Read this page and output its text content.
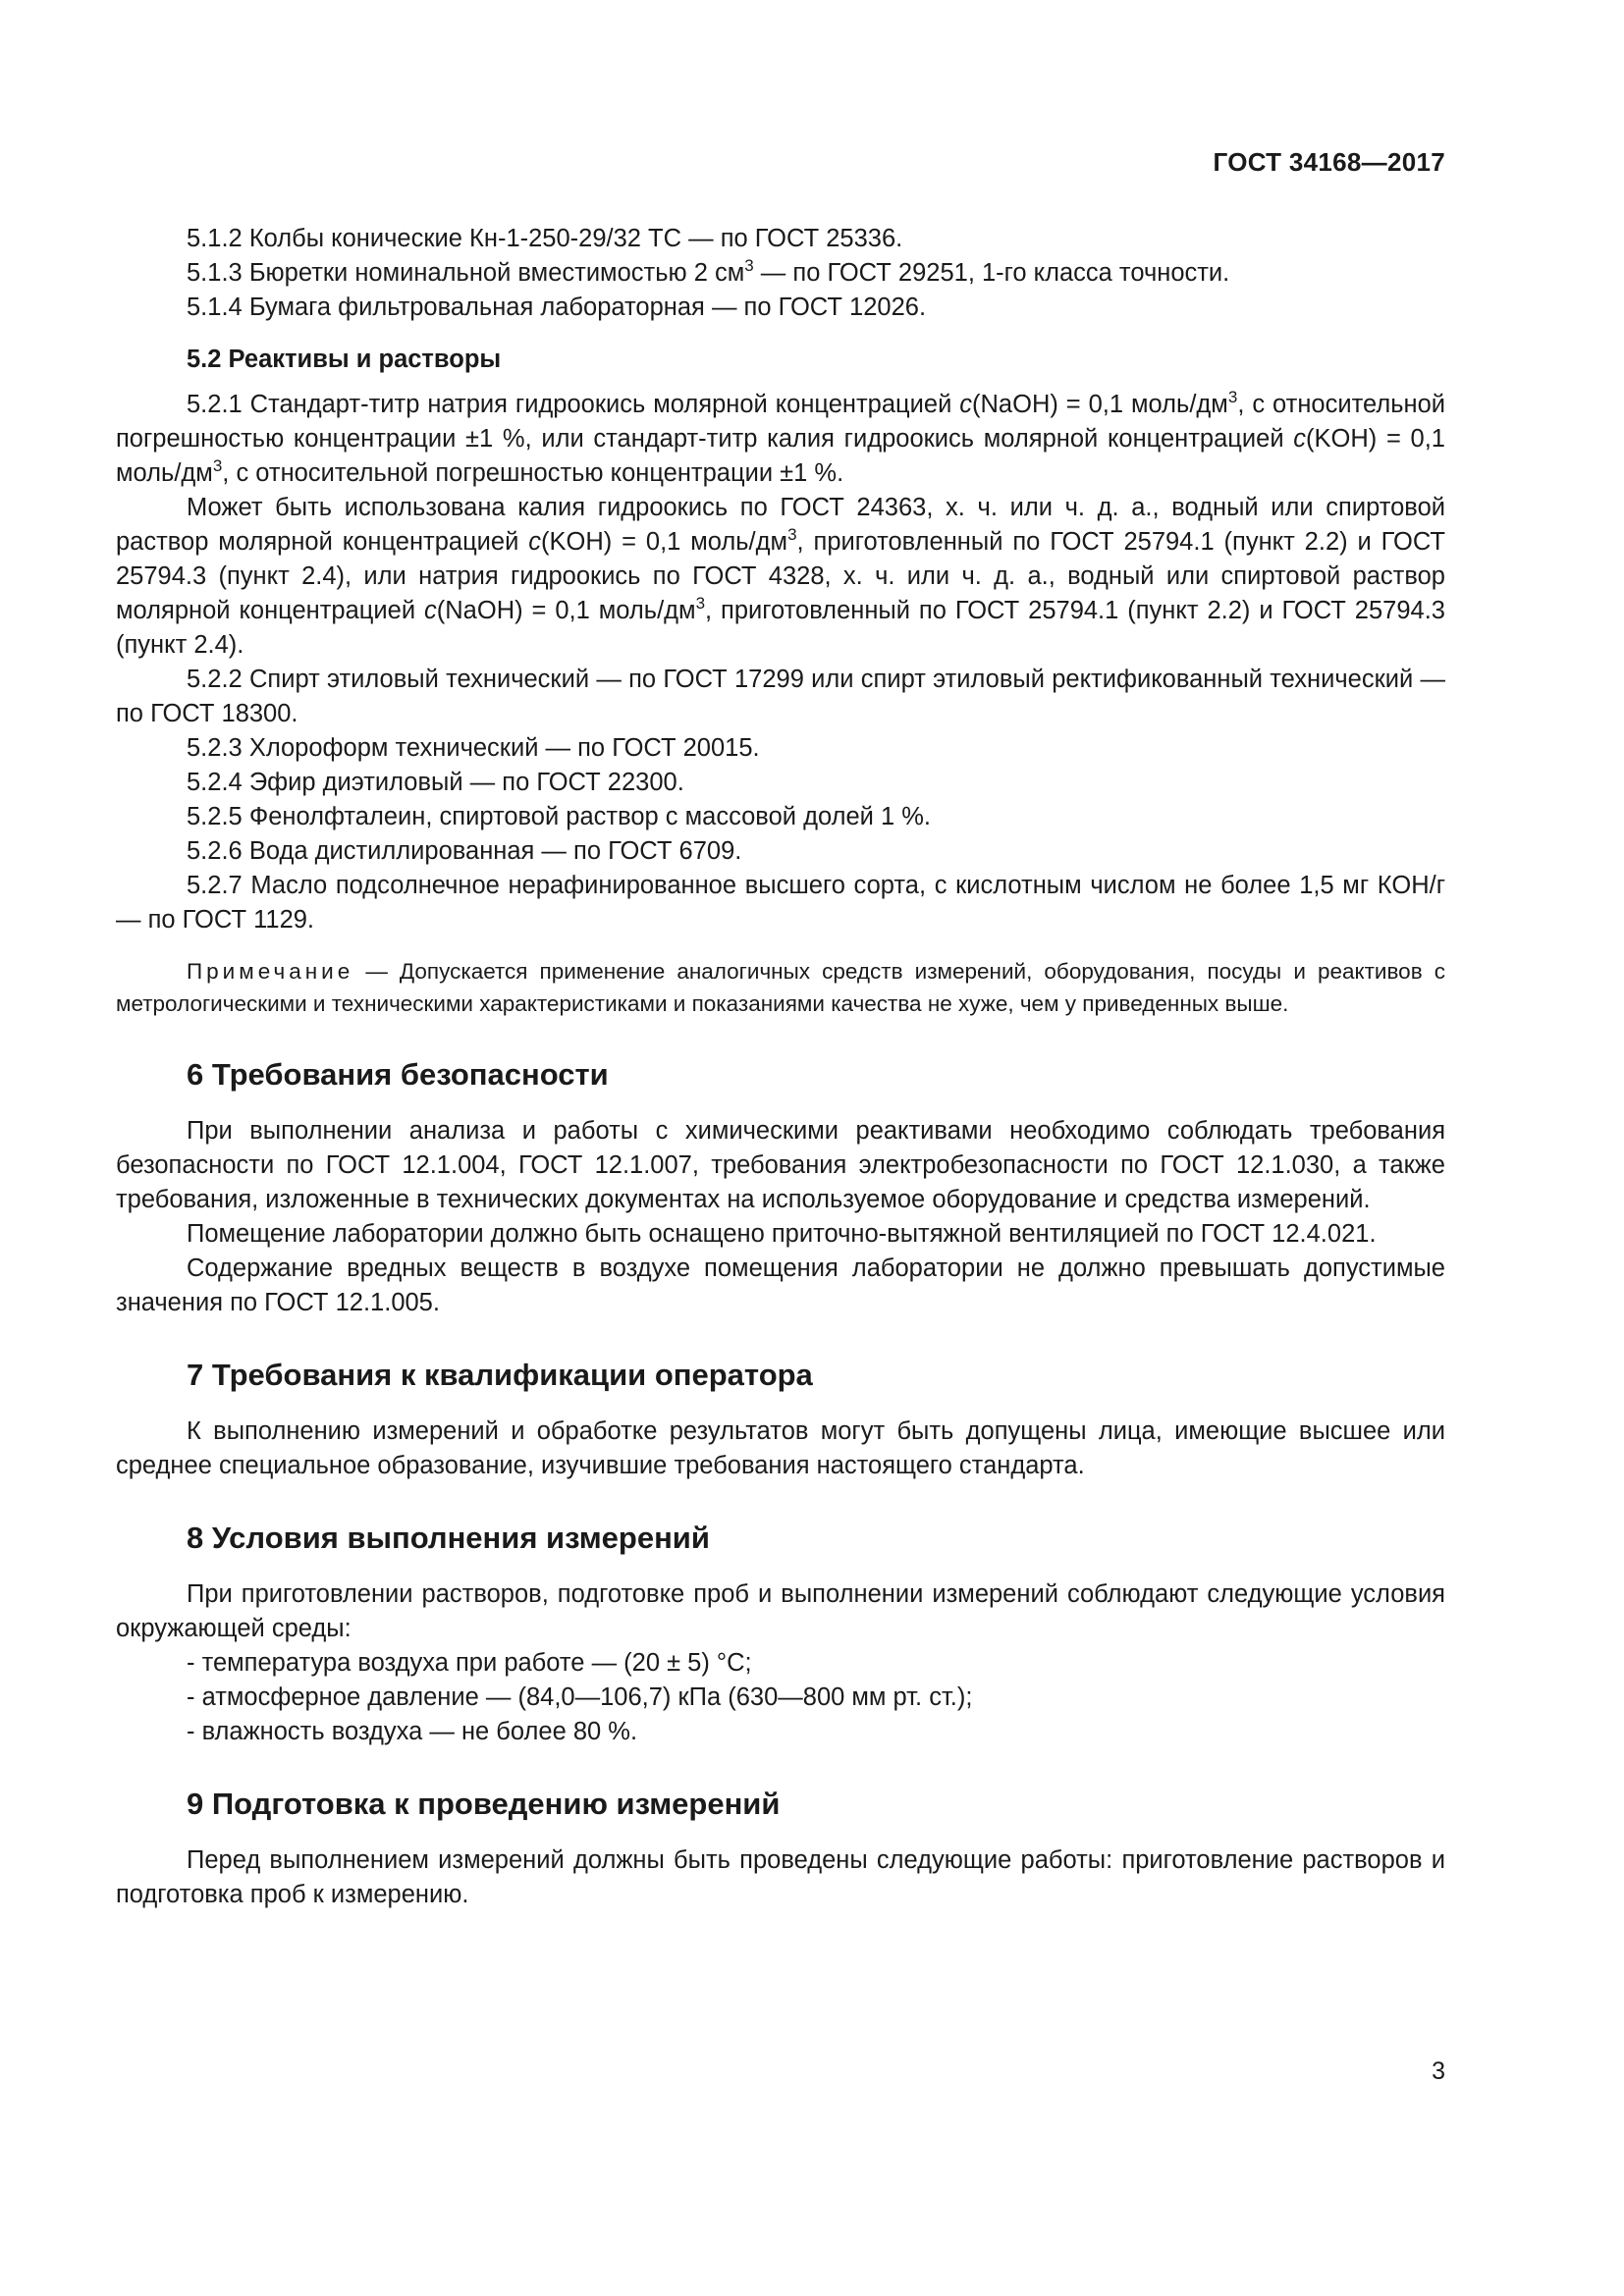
ГОСТ 34168—2017

5.1.2 Колбы конические Кн-1-250-29/32 ТС — по ГОСТ 25336.

5.1.3 Бюретки номинальной вместимостью 2 $см^3$ — по ГОСТ 29251, 1-го класса точности.

5.1.4 Бумага фильтровальная лабораторная — по ГОСТ 12026.

5.2 Реактивы и растворы

5.2.1 Стандарт-титр натрия гидроокись молярной концентрацией c(NaOH) = 0,1 моль/$дм^3$, с относительной погрешностью концентрации ±1 %, или стандарт-титр калия гидроокись молярной концентрацией c(KOH) = 0,1 моль/$дм^3$, с относительной погрешностью концентрации ±1 %.

Может быть использована калия гидроокись по ГОСТ 24363, х. ч. или ч. д. а., водный или спиртовой раствор молярной концентрацией c(KOH) = 0,1 моль/$дм^3$, приготовленный по ГОСТ 25794.1 (пункт 2.2) и ГОСТ 25794.3 (пункт 2.4), или натрия гидроокись по ГОСТ 4328, х. ч. или ч. д. а., водный или спиртовой раствор молярной концентрацией c(NaOH) = 0,1 моль/$дм^3$, приготовленный по ГОСТ 25794.1 (пункт 2.2) и ГОСТ 25794.3 (пункт 2.4).

5.2.2 Спирт этиловый технический — по ГОСТ 17299 или спирт этиловый ректификованный технический — по ГОСТ 18300.

5.2.3 Хлороформ технический — по ГОСТ 20015.

5.2.4 Эфир диэтиловый — по ГОСТ 22300.

5.2.5 Фенолфталеин, спиртовой раствор с массовой долей 1 %.

5.2.6 Вода дистиллированная — по ГОСТ 6709.

5.2.7 Масло подсолнечное нерафинированное высшего сорта, с кислотным числом не более 1,5 мг КОН/г — по ГОСТ 1129.

Примечание — Допускается применение аналогичных средств измерений, оборудования, посуды и реактивов с метрологическими и техническими характеристиками и показаниями качества не хуже, чем у приведенных выше.

6 Требования безопасности

При выполнении анализа и работы с химическими реактивами необходимо соблюдать требования безопасности по ГОСТ 12.1.004, ГОСТ 12.1.007, требования электробезопасности по ГОСТ 12.1.030, а также требования, изложенные в технических документах на используемое оборудование и средства измерений.

Помещение лаборатории должно быть оснащено приточно-вытяжной вентиляцией по ГОСТ 12.4.021.

Содержание вредных веществ в воздухе помещения лаборатории не должно превышать допустимые значения по ГОСТ 12.1.005.

7 Требования к квалификации оператора

К выполнению измерений и обработке результатов могут быть допущены лица, имеющие высшее или среднее специальное образование, изучившие требования настоящего стандарта.

8 Условия выполнения измерений

При приготовлении растворов, подготовке проб и выполнении измерений соблюдают следующие условия окружающей среды:

- температура воздуха при работе — (20 ± 5) °С;

- атмосферное давление — (84,0—106,7) кПа (630—800 мм рт. ст.);

- влажность воздуха — не более 80 %.

9 Подготовка к проведению измерений

Перед выполнением измерений должны быть проведены следующие работы: приготовление растворов и подготовка проб к измерению.

3
